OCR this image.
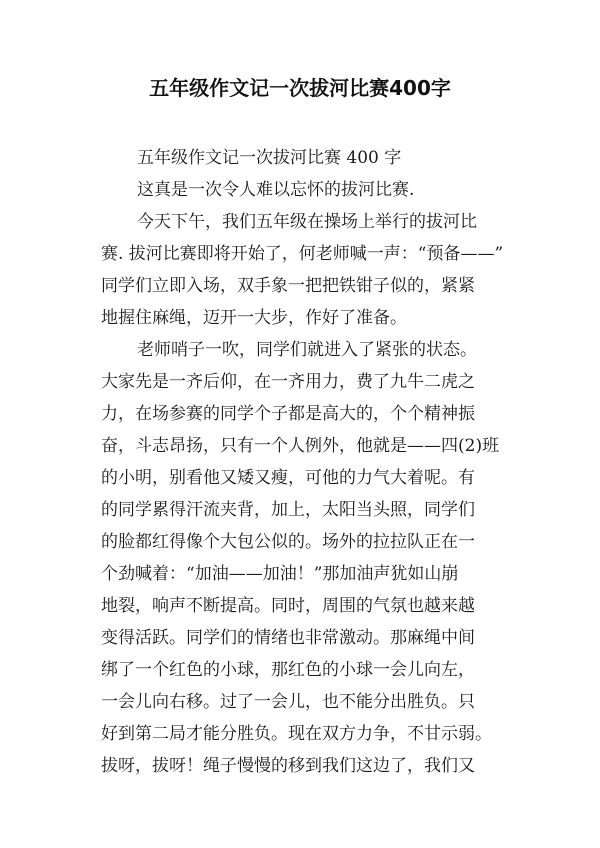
五年级作文记一次拔河比赛400字
五年级作文记一次拔河比赛 400 字
这真是一次令人难以忘怀的拔河比赛.
今天下午，我们五年级在操场上举行的拔河比
赛. 拔河比赛即将开始了，何老师喊一声：“预备——”
同学们立即入场，双手象一把把铁钳子似的，紧紧
地握住麻绳，迈开一大步，作好了准备。
老师哨子一吹，同学们就进入了紧张的状态。
大家先是一齐后仰，在一齐用力，费了九牛二虎之
力，在场参赛的同学个子都是高大的，个个精神振
奋，斗志昂扬，只有一个人例外，他就是——四(2)班
的小明，别看他又矮又瘦，可他的力气大着呢。有
的同学累得汗流夹背，加上，太阳当头照，同学们
的脸都红得像个大包公似的。场外的拉拉队正在一
个劲喊着：“加油——加油！”那加油声犹如山崩
地裂，响声不断提高。同时，周围的气氛也越来越
变得活跃。同学们的情绪也非常激动。那麻绳中间
绑了一个红色的小球，那红色的小球一会儿向左，
一会儿向右移。过了一会儿，也不能分出胜负。只
好到第二局才能分胜负。现在双方力争，不甘示弱。
拔呀，拔呀！绳子慢慢的移到我们这边了，我们又
